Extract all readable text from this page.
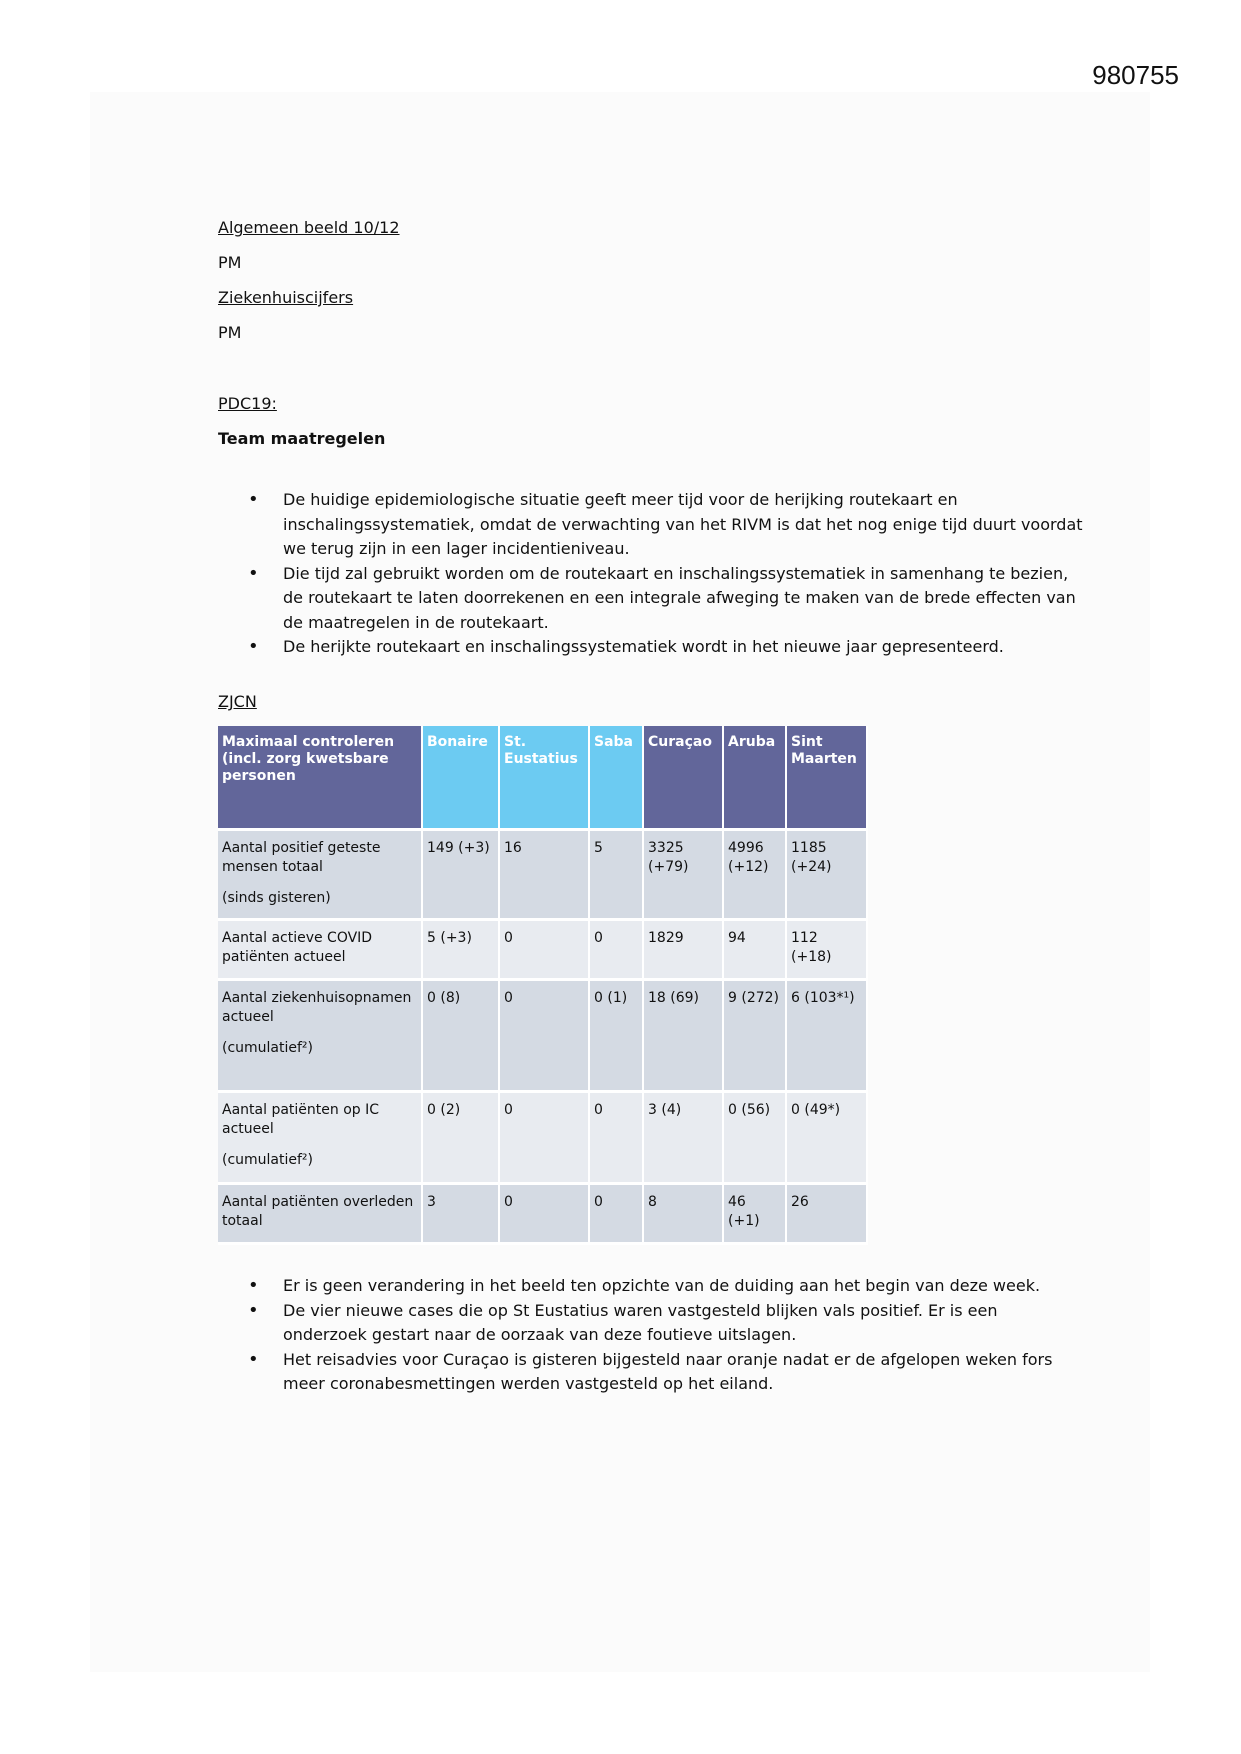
980755
Algemeen beeld 10/12
PM
Ziekenhuiscijfers
PM
PDC19:
Team maatregelen
• De huidige epidemiologische situatie geeft meer tijd voor de herijking routekaart en inschalingssystematiek, omdat de verwachting van het RIVM is dat het nog enige tijd duurt voordat we terug zijn in een lager incidentieniveau.
• Die tijd zal gebruikt worden om de routekaart en inschalingssystematiek in samenhang te bezien, de routekaart te laten doorrekenen en een integrale afweging te maken van de brede effecten van de maatregelen in de routekaart.
• De herijkte routekaart en inschalingssystematiek wordt in het nieuwe jaar gepresenteerd.
ZJCN
Maximaal controleren (incl. zorg kwetsbare personen	Bonaire	St. Eustatius	Saba	Curaçao	Aruba	Sint Maarten
Aantal positief geteste mensen totaal
(sinds gisteren)	149 (+3)	16	5	3325 (+79)	4996 (+12)	1185 (+24)
Aantal actieve COVID patiënten actueel	5 (+3)	0	0	1829	94	112 (+18)
Aantal ziekenhuisopnamen actueel
(cumulatief²)	0 (8)	0	0 (1)	18 (69)	9 (272)	6 (103*¹)
Aantal patiënten op IC actueel
(cumulatief²)	0 (2)	0	0	3 (4)	0 (56)	0 (49*)
Aantal patiënten overleden totaal	3	0	0	8	46 (+1)	26
• Er is geen verandering in het beeld ten opzichte van de duiding aan het begin van deze week.
• De vier nieuwe cases die op St Eustatius waren vastgesteld blijken vals positief. Er is een onderzoek gestart naar de oorzaak van deze foutieve uitslagen.
• Het reisadvies voor Curaçao is gisteren bijgesteld naar oranje nadat er de afgelopen weken fors meer coronabesmettingen werden vastgesteld op het eiland.
